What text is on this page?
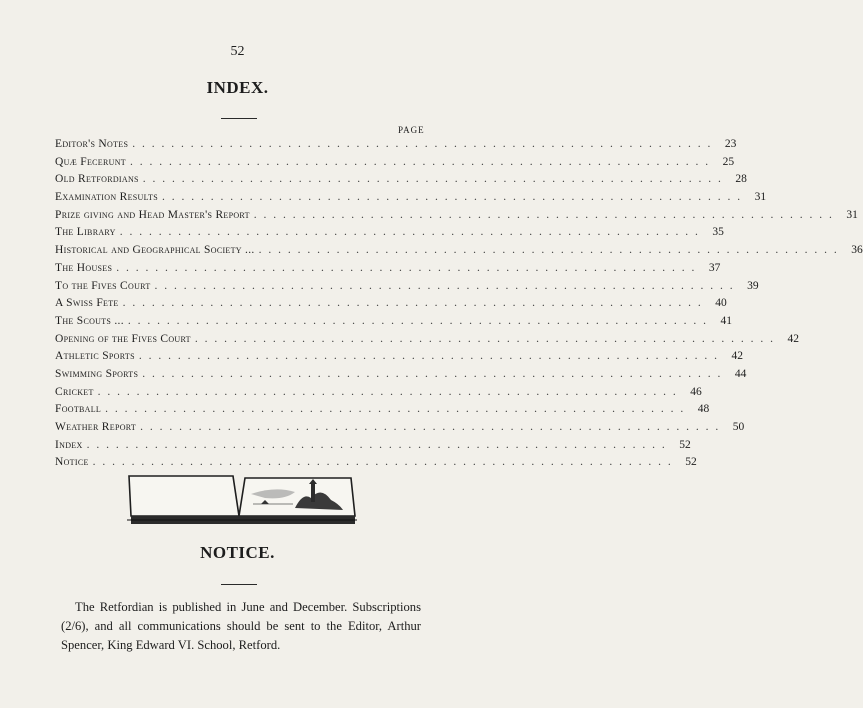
52
INDEX.
PAGE
Editor's Notes . . . . . . . . . . . . . . . . . . . . . . . . . . . . . . . . . . . . . . . . . . . . . . . . . . . . . . . . . . . .	23
Quæ Fecerunt . . . . . . . . . . . . . . . . . . . . . . . . . . . . . . . . . . . . . . . . . . . . . . . . . . . . . . . . . . . .	25
Old Retfordians . . . . . . . . . . . . . . . . . . . . . . . . . . . . . . . . . . . . . . . . . . . . . . . . . . . . . . . . . . . .	28
Examination Results . . . . . . . . . . . . . . . . . . . . . . . . . . . . . . . . . . . . . . . . . . . . . . . . . . . . . . . . . . . .	31
Prize giving and Head Master's Report . . . . . . . . . . . . . . . . . . . . . . . . . . . . . . . . . . . . . . . . . . . . . . . . . . . . . . . . . . . .	31
The Library . . . . . . . . . . . . . . . . . . . . . . . . . . . . . . . . . . . . . . . . . . . . . . . . . . . . . . . . . . . .	35
Historical and Geographical Society ... . . . . . . . . . . . . . . . . . . . . . . . . . . . . . . . . . . . . . . . . . . . . . . . . . . . . . . . . . . . .	36
The Houses . . . . . . . . . . . . . . . . . . . . . . . . . . . . . . . . . . . . . . . . . . . . . . . . . . . . . . . . . . . .	37
To the Fives Court . . . . . . . . . . . . . . . . . . . . . . . . . . . . . . . . . . . . . . . . . . . . . . . . . . . . . . . . . . . .	39
A Swiss Fete . . . . . . . . . . . . . . . . . . . . . . . . . . . . . . . . . . . . . . . . . . . . . . . . . . . . . . . . . . . .	40
The Scouts ... . . . . . . . . . . . . . . . . . . . . . . . . . . . . . . . . . . . . . . . . . . . . . . . . . . . . . . . . . . . .	41
Opening of the Fives Court . . . . . . . . . . . . . . . . . . . . . . . . . . . . . . . . . . . . . . . . . . . . . . . . . . . . . . . . . . . .	42
Athletic Sports . . . . . . . . . . . . . . . . . . . . . . . . . . . . . . . . . . . . . . . . . . . . . . . . . . . . . . . . . . . .	42
Swimming Sports . . . . . . . . . . . . . . . . . . . . . . . . . . . . . . . . . . . . . . . . . . . . . . . . . . . . . . . . . . . .	44
Cricket . . . . . . . . . . . . . . . . . . . . . . . . . . . . . . . . . . . . . . . . . . . . . . . . . . . . . . . . . . . .	46
Football . . . . . . . . . . . . . . . . . . . . . . . . . . . . . . . . . . . . . . . . . . . . . . . . . . . . . . . . . . . .	48
Weather Report . . . . . . . . . . . . . . . . . . . . . . . . . . . . . . . . . . . . . . . . . . . . . . . . . . . . . . . . . . . .	50
Index . . . . . . . . . . . . . . . . . . . . . . . . . . . . . . . . . . . . . . . . . . . . . . . . . . . . . . . . . . . .	52
Notice . . . . . . . . . . . . . . . . . . . . . . . . . . . . . . . . . . . . . . . . . . . . . . . . . . . . . . . . . . . .	52
NOTICE.
The Retfordian is published in June and December. Subscriptions
(2/6), and all communications should be sent to the Editor, Arthur
Spencer, King Edward VI. School, Retford.
